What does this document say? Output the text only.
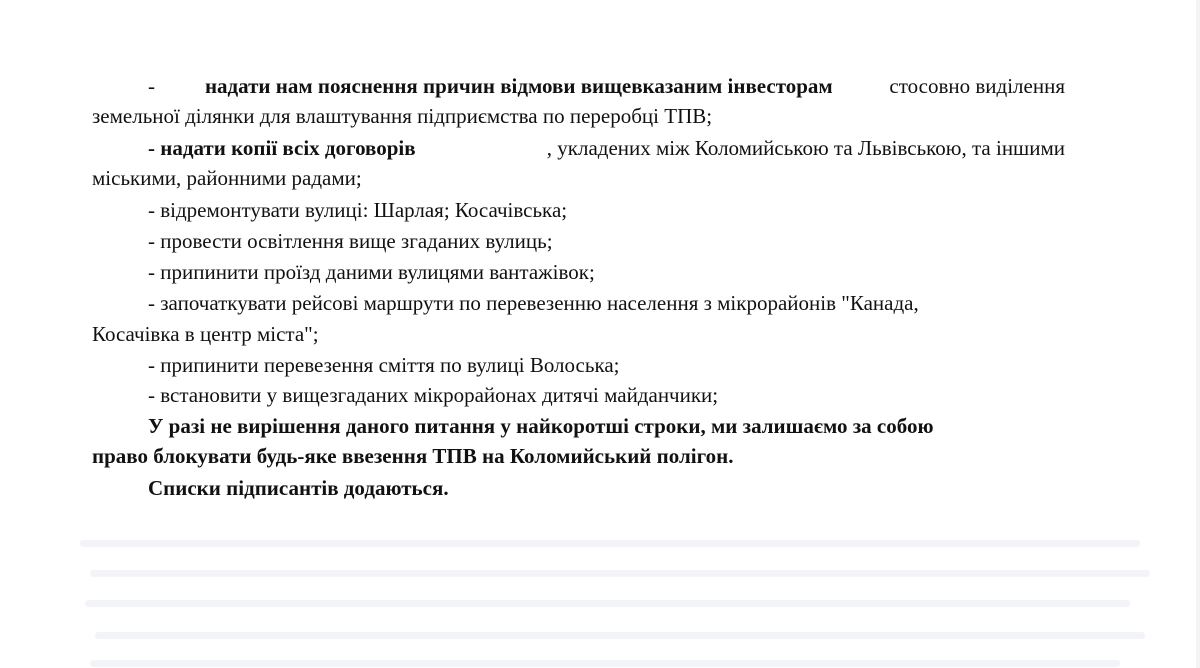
- надати нам пояснення причин відмови вищевказаним інвесторам	стосовно виділення
земельної ділянки для влаштування підприємства по переробці ТПВ;
- надати копії всіх договорів	, укладених між Коломийською та Львівською, та іншими
міськими, районними радами;
- відремонтувати вулиці: Шарлая; Косачівська;
- провести освітлення вище згаданих вулиць;
- припинити проїзд даними вулицями вантажівок;
- започаткувати рейсові маршрути по перевезенню населення з мікрорайонів "Канада,
Косачівка в центр міста";
- припинити перевезення сміття по вулиці Волоська;
- встановити у вищезгаданих мікрорайонах дитячі майданчики;
У разі не вирішення даного питання у найкоротші строки, ми залишаємо за собою
право блокувати будь-яке ввезення ТПВ на Коломийський полігон.
Списки підписантів додаються.
